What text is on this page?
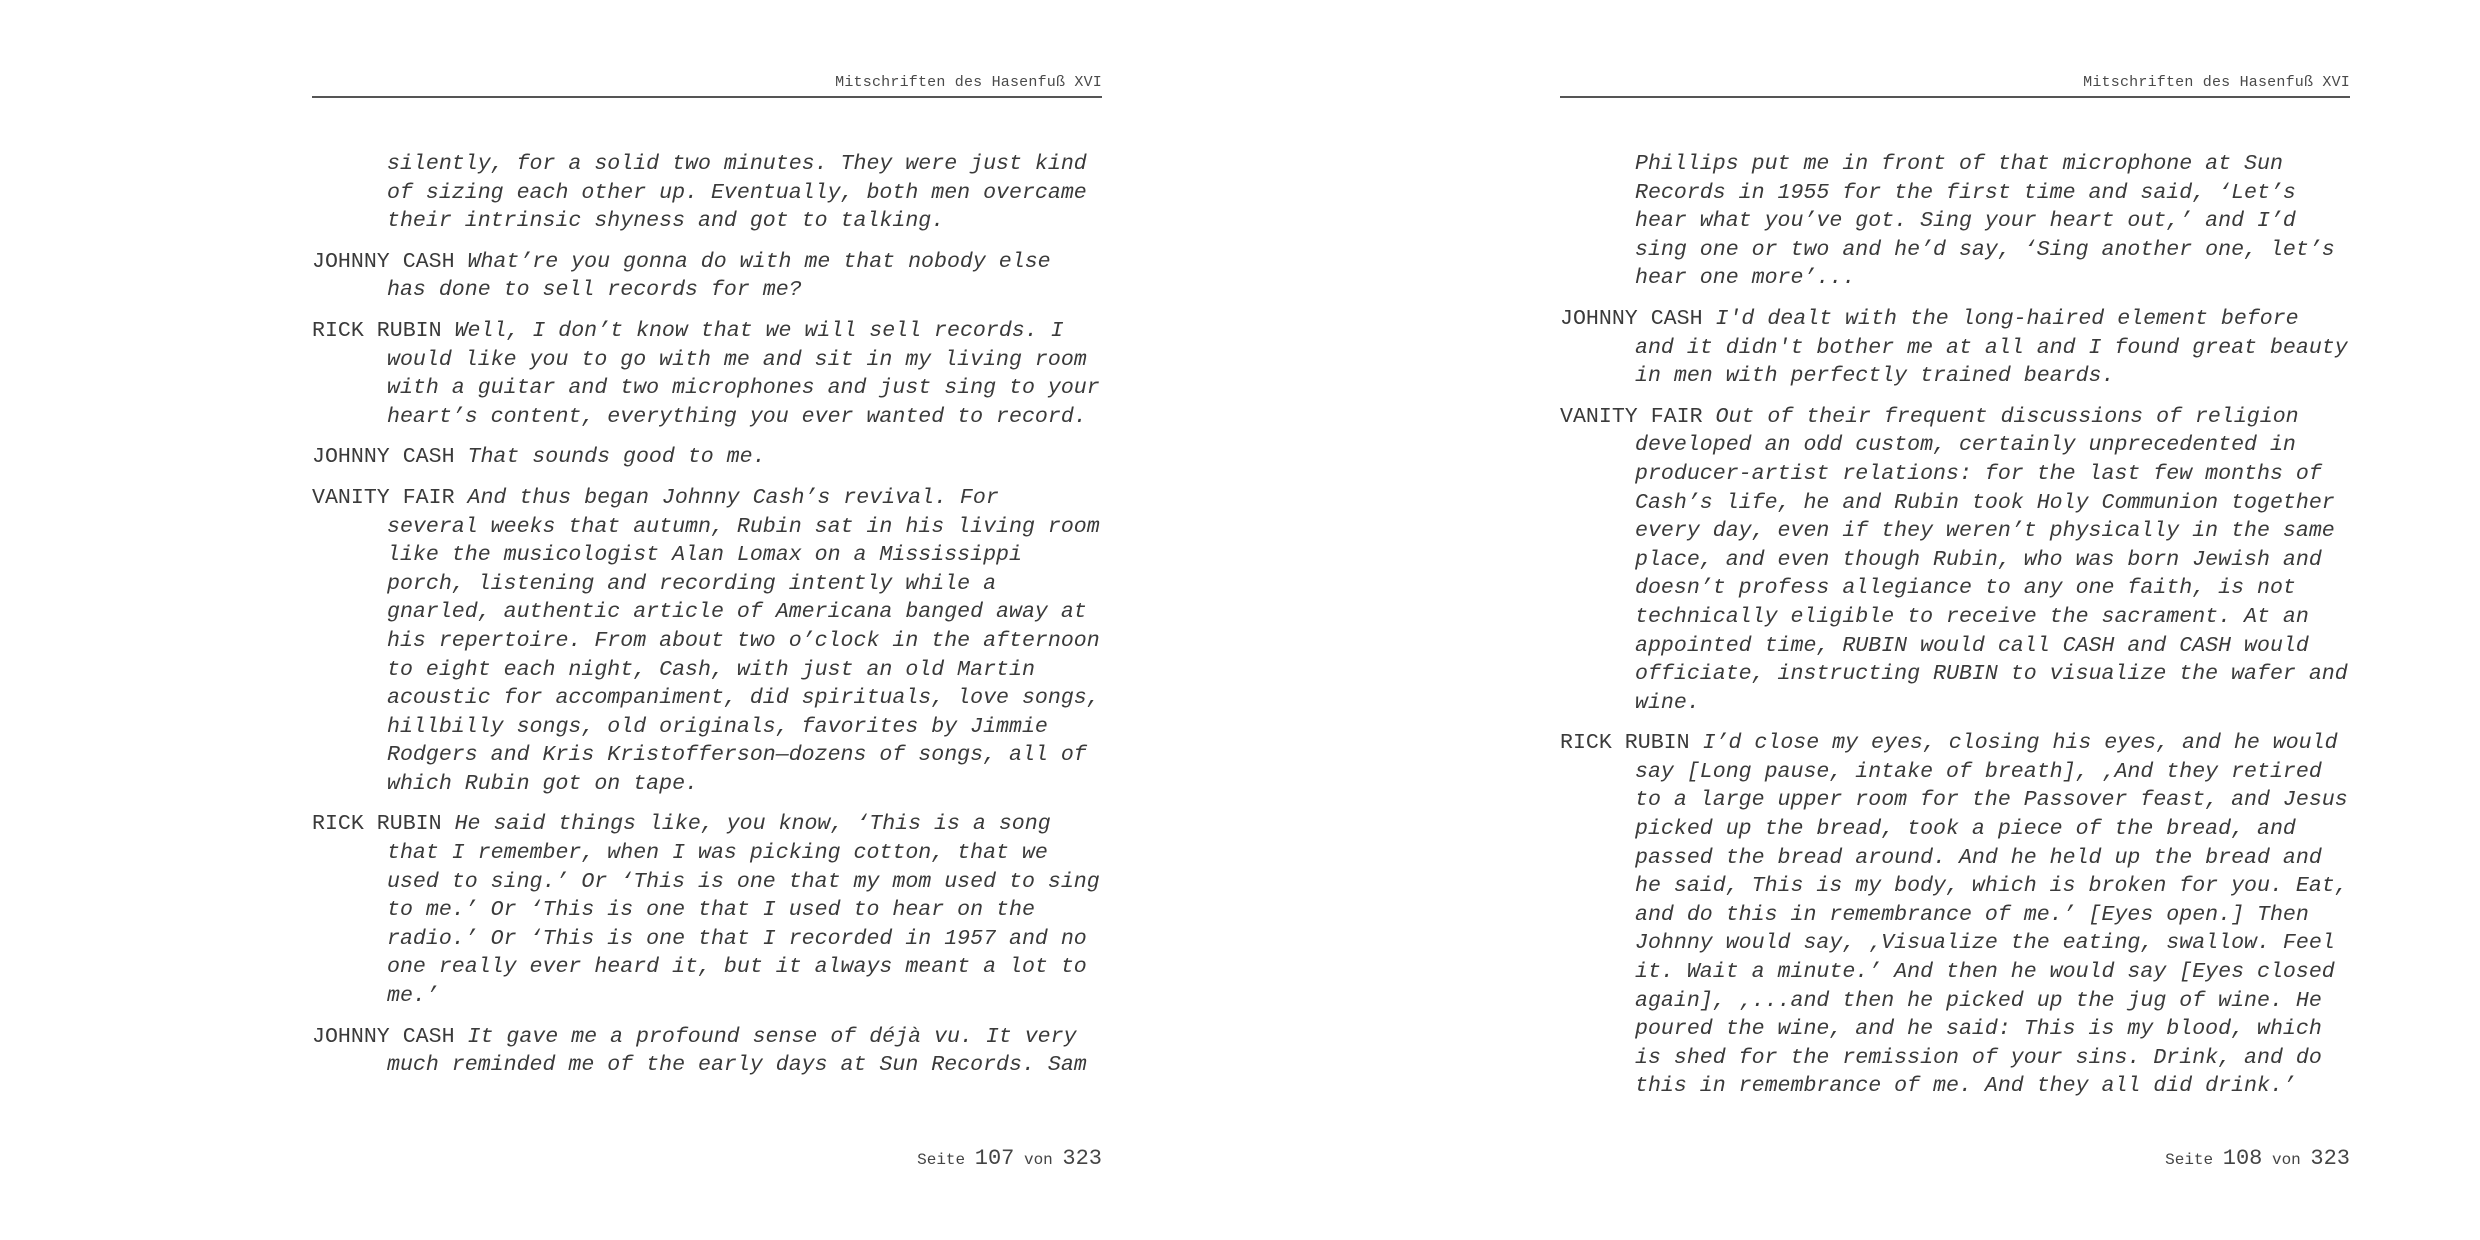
Mitschriften des Hasenfuß XVI

silently, for a solid two minutes. They were just kind of sizing each other up. Eventually, both men overcame their intrinsic shyness and got to talking.

JOHNNY CASH What’re you gonna do with me that nobody else has done to sell records for me?

RICK RUBIN Well, I don’t know that we will sell records. I would like you to go with me and sit in my living room with a guitar and two microphones and just sing to your heart’s content, everything you ever wanted to record.

JOHNNY CASH That sounds good to me.

VANITY FAIR And thus began Johnny Cash’s revival. For several weeks that autumn, Rubin sat in his living room like the musicologist Alan Lomax on a Mississippi porch, listening and recording intently while a gnarled, authentic article of Americana banged away at his repertoire. From about two o’clock in the afternoon to eight each night, Cash, with just an old Martin acoustic for accompaniment, did spirituals, love songs, hillbilly songs, old originals, favorites by Jimmie Rodgers and Kris Kristofferson—dozens of songs, all of which Rubin got on tape.

RICK RUBIN He said things like, you know, ‘This is a song that I remember, when I was picking cotton, that we used to sing.’ Or ‘This is one that my mom used to sing to me.’ Or ‘This is one that I used to hear on the radio.’ Or ‘This is one that I recorded in 1957 and no one really ever heard it, but it always meant a lot to me.’

JOHNNY CASH It gave me a profound sense of déjà vu. It very much reminded me of the early days at Sun Records. Sam

Seite 107 von 323
Mitschriften des Hasenfuß XVI

Phillips put me in front of that microphone at Sun Records in 1955 for the first time and said, ‘Let’s hear what you’ve got. Sing your heart out,’ and I’d sing one or two and he’d say, ‘Sing another one, let’s hear one more’...

JOHNNY CASH I'd dealt with the long-haired element before and it didn't bother me at all and I found great beauty in men with perfectly trained beards.

VANITY FAIR Out of their frequent discussions of religion developed an odd custom, certainly unprecedented in producer-artist relations: for the last few months of Cash’s life, he and Rubin took Holy Communion together every day, even if they weren’t physically in the same place, and even though Rubin, who was born Jewish and doesn’t profess allegiance to any one faith, is not technically eligible to receive the sacrament. At an appointed time, RUBIN would call CASH and CASH would officiate, instructing RUBIN to visualize the wafer and wine.

RICK RUBIN I’d close my eyes, closing his eyes, and he would say [Long pause, intake of breath], ‚And they retired to a large upper room for the Passover feast, and Jesus picked up the bread, took a piece of the bread, and passed the bread around. And he held up the bread and he said, This is my body, which is broken for you. Eat, and do this in remembrance of me.’ [Eyes open.] Then Johnny would say, ‚Visualize the eating, swallow. Feel it. Wait a minute.’ And then he would say [Eyes closed again], ‚...and then he picked up the jug of wine. He poured the wine, and he said: This is my blood, which is shed for the remission of your sins. Drink, and do this in remembrance of me. And they all did drink.’

Seite 108 von 323
